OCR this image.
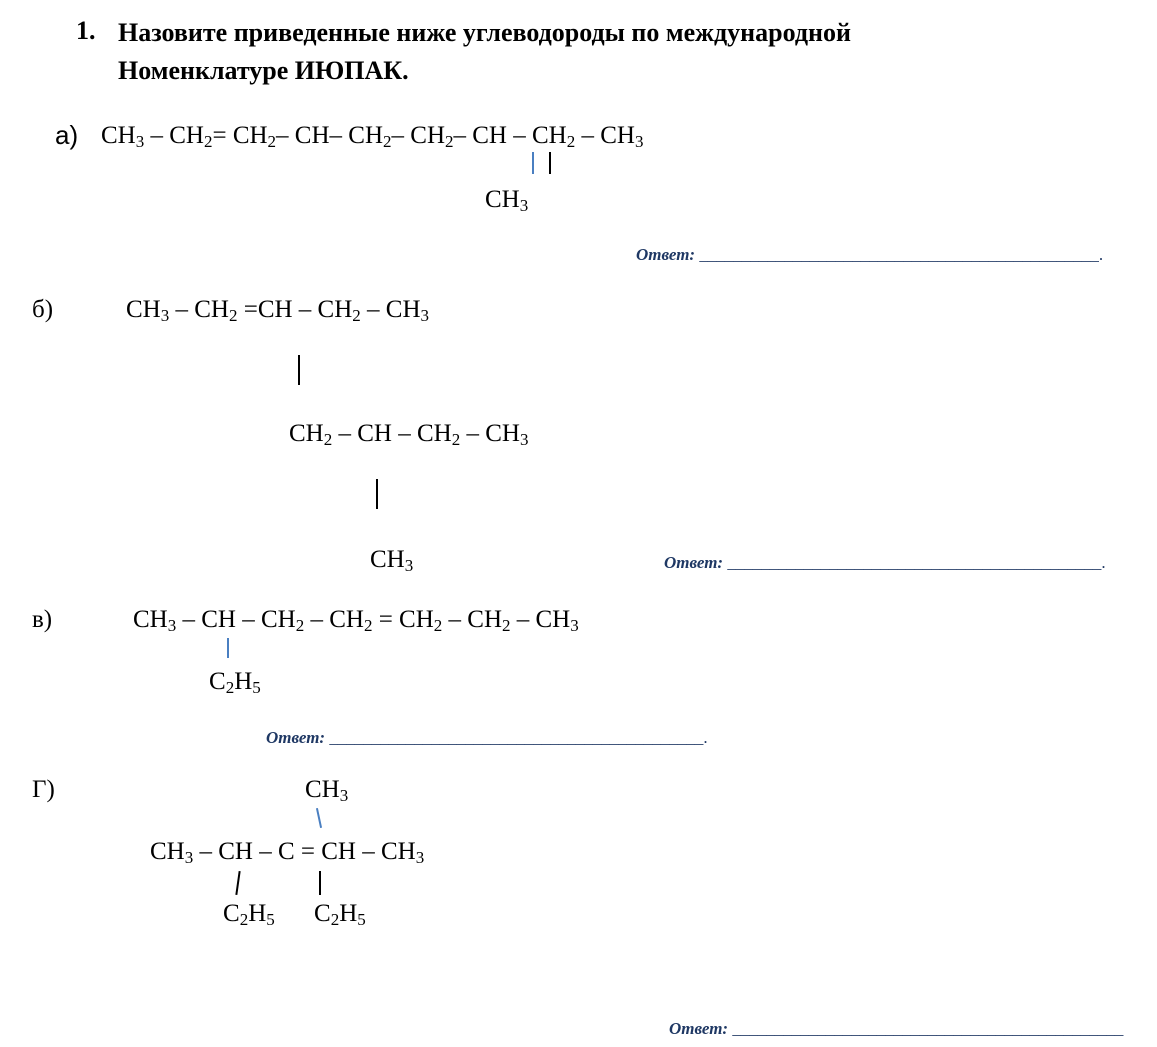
1. Назовите приведенные ниже углеводороды по международной
Номенклатуре ИЮПАК.
а) $CH_3 - CH_2= CH_2-$ CH– $CH_2-$ $CH_2-$ CH – $CH_2 - CH_3$
$CH_3$
Ответ: _______________________________________________.
б)	$CH_3 - CH_2 =CH - CH_2 - CH_3$
$CH_2$ – CH – $CH_2 - CH_3$
$CH_3$	Ответ: ____________________________________________.
в)	$CH_3$ – CH – $CH_2 - CH_2 = CH_2 - CH_2 - CH_3$
$C_2H_5$
Ответ: ____________________________________________.
Г)	$CH_3$
$CH_3$ – CH – C = CH – $CH_3$
$C_2H_5$ $C_2H_5$
Ответ: ______________________________________________
